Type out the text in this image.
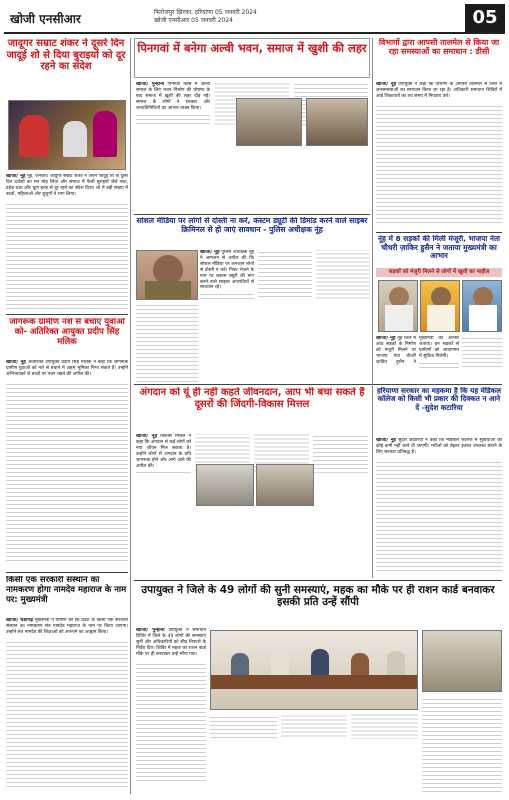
खोजी एनसीआर	फिरोजपुर झिरका, हरियाणा 05 जनवरी 2024
खोजी एनसीआर 05 जनवरी 2024	05
जादूगर सम्राट शंकर ने दूसरे दिन जादूई शो से दिया बुराइयों को दूर रहने का संदेश
खोजी/ नूंह नूंह, जनवरी। जादूगर सम्राट शंकर ने अपने जादूई शो के दूसरे दिन दर्शकों का मन मोह लिया और समाज में फैली बुराइयों जैसे नशा, दहेज प्रथा और भ्रूण हत्या से दूर रहने का संदेश दिया। शो में बड़ी संख्या में बच्चों, महिलाओं और बुजुर्गों ने भाग लिया।
जागरूक ग्रामीण नशे से बचाएं युवाओं को- अतिरिक्त आयुक्त प्रदीप सिंह मलिक
खोजी/ नूंह अतिरिक्त उपायुक्त प्रदीप सिंह मलिक ने कहा कि जागरूक ग्रामीण युवाओं को नशे से बचाने में अहम भूमिका निभा सकते हैं। उन्होंने अभिभावकों से बच्चों पर नजर रखने की अपील की।
किसी एक सरकारी संस्थान का नामकरण होगा नामदेव महाराज के नाम पर: मुख्यमंत्री
पिनगवां में बनेगा अल्वी भवन, समाज में खुशी की लहर
खोजी/ पुन्हाना पिनगवां कस्बे में अल्वी समाज के लिए भवन निर्माण की घोषणा के बाद समाज में खुशी की लहर दौड़ गई। समाज के लोगों ने सरकार और जनप्रतिनिधियों का आभार व्यक्त किया।
सोशल मीडिया पर लोगों से दोस्ती ना करें, कस्टम ड्यूटी की डिमांड करने वाले साइबर क्रिमिनल से हो जाएं सावधान - पुलिस अधीक्षक नूंह
खोजी/ नूंह पुलिस अधीक्षक नूंह ने आमजन से अपील की कि सोशल मीडिया पर अनजान लोगों से दोस्ती न करें। गिफ्ट भेजने के नाम पर कस्टम ड्यूटी की मांग करने वाले साइबर अपराधियों से सावधान रहें।
विभागों द्वारा आपसी तालमेल से किया जा रहा समस्याओं का समाधान : डीसी
खोजी/ नूंह उपायुक्त ने कहा कि विभागों के आपसी तालमेल से जिले में जनसमस्याओं का समाधान किया जा रहा है। अधिकारी समाधान शिविरों में आई शिकायतों का तय समय में निपटारा करें।
नूंह में 8 सड़कों की मिली मंजूरी, भाजपा नेता चौधरी ज़ाकिर हुसैन ने जताया मुख्यमंत्री का आभार
सड़कों को मंजूरी मिलने से लोगों में खुशी का माहौल
खोजी/ नूंह नूंह जिले में आठ सड़कों के निर्माण को मंजूरी मिलने पर भाजपा नेता चौधरी ज़ाकिर हुसैन ने मुख्यमंत्री का आभार जताया। इन सड़कों से ग्रामीणों को आवागमन में सुविधा मिलेगी।
अंगदान को यूं ही नहीं कहते जीवनदान, आप भी बचा सकते हैं दूसरों की जिंदगी-विकास मित्तल
खोजी/ नूंह विकास मित्तल ने कहा कि अंगदान से कई लोगों को नया जीवन मिल सकता है। उन्होंने लोगों से अंगदान के प्रति जागरूक होने और आगे आने की अपील की।
हरियाणा सरकार का महकमा है कि यह मेडिकल कॉलेज को किसी भी प्रकार की दिक्कत न आने दें -सुदेश कटारिया
खोजी/ नूंह सुदेश कटारिया ने कहा कि मेडिकल कॉलेज में सुविधाओं की कोई कमी नहीं आने दी जाएगी। मरीजों को बेहतर इलाज उपलब्ध कराने के लिए सरकार प्रतिबद्ध है।
खोजी/ चंडीगढ़ मुख्यमंत्री ने घोषणा की कि प्रदेश के किसी एक सरकारी संस्थान का नामकरण संत नामदेव महाराज के नाम पर किया जाएगा। उन्होंने संत नामदेव की शिक्षाओं को अपनाने का आह्वान किया।
उपायुक्त ने जिले के 49 लोगों की सुनी समस्याएं, महक का मौके पर ही राशन कार्ड बनवाकर इसकी प्रति उन्हें सौंपी
खोजी/ पुन्हाना उपायुक्त ने समाधान शिविर में जिले के 49 लोगों की समस्याएं सुनीं और अधिकारियों को शीघ्र निपटारे के निर्देश दिए। शिविर में महक का राशन कार्ड मौके पर ही बनवाकर उन्हें सौंपा गया।
